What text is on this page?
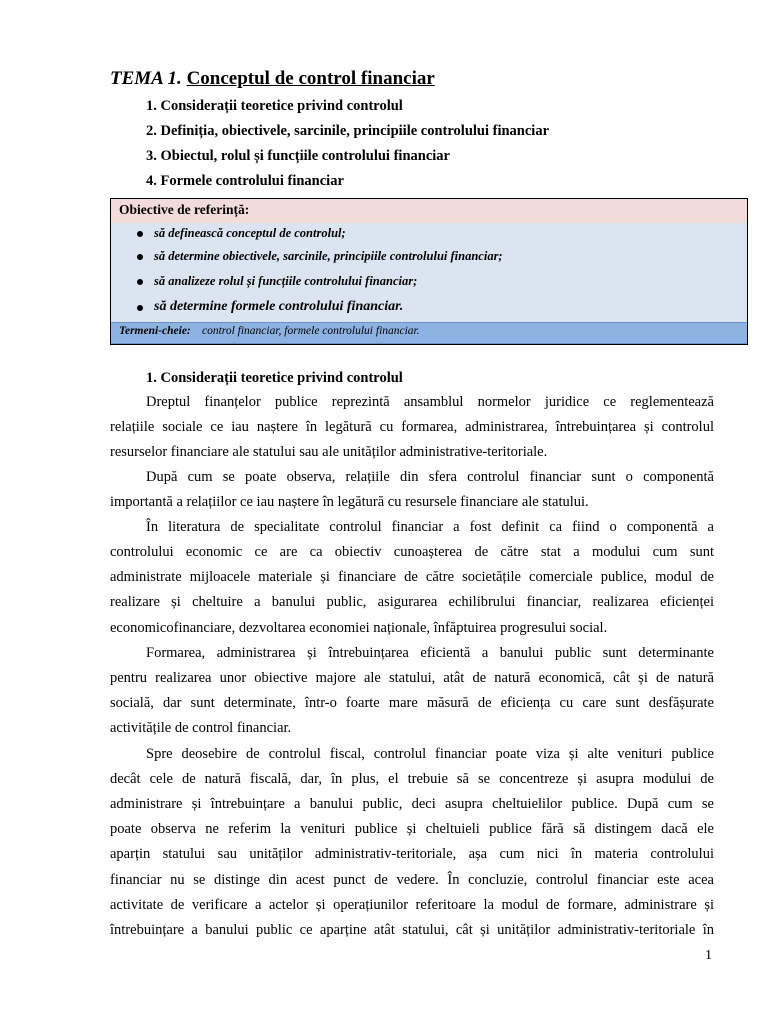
TEMA 1. Conceptul de control financiar
1. Considerații teoretice privind controlul
2. Definiția, obiectivele, sarcinile, principiile controlului financiar
3. Obiectul, rolul și funcțiile controlului financiar
4. Formele controlului financiar
Obiective de referință:
să definească conceptul de controlul;
să determine obiectivele, sarcinile, principiile controlului financiar;
să analizeze rolul și funcțiile controlului financiar;
să determine formele controlului financiar.
Termeni-cheie: control financiar, formele controlului financiar.
1. Considerații teoretice privind controlul
Dreptul finanțelor publice reprezintă ansamblul normelor juridice ce reglementează
relațiile sociale ce iau naștere în legătură cu formarea, administrarea, întrebuințarea și controlul
resurselor financiare ale statului sau ale unităților administrative-teritoriale.
După cum se poate observa, relațiile din sfera controlul financiar sunt o componentă
importantă a relațiilor ce iau naștere în legătură cu resursele financiare ale statului.
În literatura de specialitate controlul financiar a fost definit ca fiind o componentă a
controlului economic ce are ca obiectiv cunoașterea de către stat a modului cum sunt
administrate mijloacele materiale și financiare de către societățile comerciale publice, modul de
realizare și cheltuire a banului public, asigurarea echilibrului financiar, realizarea eficienței
economicofinanciare, dezvoltarea economiei naționale, înfăptuirea progresului social.
Formarea, administrarea și întrebuințarea eficientă a banului public sunt determinante
pentru realizarea unor obiective majore ale statului, atât de natură economică, cât și de natură
socială, dar sunt determinate, într-o foarte mare măsură de eficiența cu care sunt desfășurate
activitățile de control financiar.
Spre deosebire de controlul fiscal, controlul financiar poate viza și alte venituri publice
decât cele de natură fiscală, dar, în plus, el trebuie să se concentreze și asupra modului de
administrare și întrebuințare a banului public, deci asupra cheltuielilor publice. După cum se
poate observa ne referim la venituri publice și cheltuieli publice fără să distingem dacă ele
aparțin statului sau unităților administrativ-teritoriale, așa cum nici în materia controlului
financiar nu se distinge din acest punct de vedere. În concluzie, controlul financiar este acea
activitate de verificare a actelor și operațiunilor referitoare la modul de formare, administrare și
întrebuințare a banului public ce aparține atât statului, cât și unităților administrativ-teritoriale în
1
